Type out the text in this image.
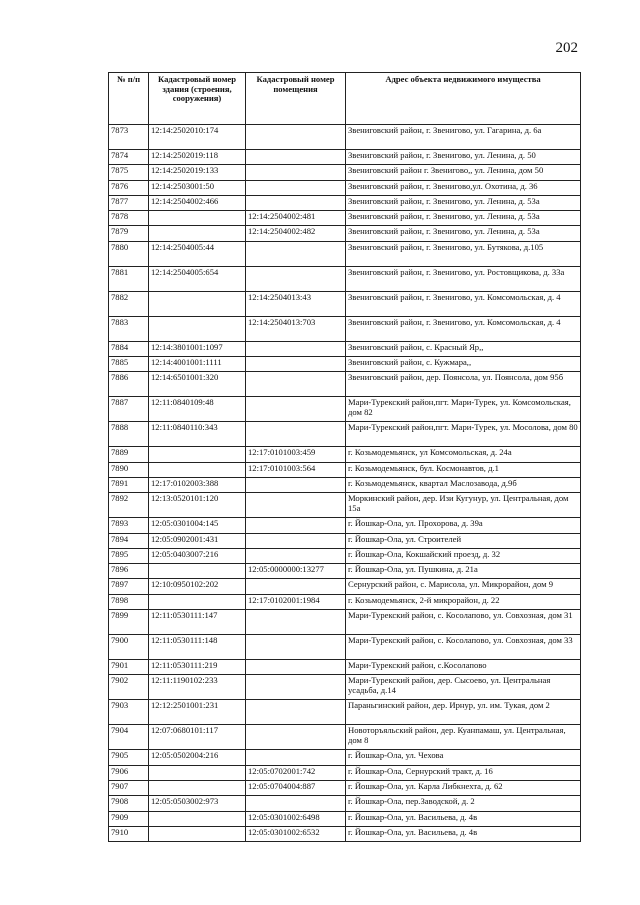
202
№ п/п	Кадастровый номер здания (строения, сооружения)	Кадастровый номер помещения	Адрес объекта недвижимого имущества
7873	12:14:2502010:174		Звениговский район, г. Звенигово, ул. Гагарина, д. 6а
7874	12:14:2502019:118		Звениговский район, г. Звенигово, ул. Ленина, д. 50
7875	12:14:2502019:133		Звениговский район г. Звенигово,, ул. Ленина, дом 50
7876	12:14:2503001:50		Звениговский район, г. Звенигово,ул. Охотина, д. 36
7877	12:14:2504002:466		Звениговский район, г. Звенигово, ул. Ленина, д. 53а
7878		12:14:2504002:481	Звениговский район, г. Звенигово, ул. Ленина, д. 53а
7879		12:14:2504002:482	Звениговский район, г. Звенигово, ул. Ленина, д. 53а
7880	12:14:2504005:44		Звениговский район, г. Звенигово, ул. Бутякова, д.105
7881	12:14:2504005:654		Звениговский район, г. Звенигово, ул. Ростовщикова, д. 33а
7882		12:14:2504013:43	Звениговский район, г. Звенигово, ул. Комсомольская, д. 4
7883		12:14:2504013:703	Звениговский район, г. Звенигово, ул. Комсомольская, д. 4
7884	12:14:3801001:1097		Звениговский район, с. Красный Яр,,
7885	12:14:4001001:1111		Звениговский район, с. Кужмара,,
7886	12:14:6501001:320		Звениговский район, дер. Поянсола, ул. Поянсола, дом 95б
7887	12:11:0840109:48		Мари-Турекский район,пгт. Мари-Турек, ул. Комсомольская, дом 82
7888	12:11:0840110:343		Мари-Турекский район,пгт. Мари-Турек, ул. Мосолова, дом 80
7889		12:17:0101003:459	г. Козьмодемьянск, ул Комсомольская, д. 24а
7890		12:17:0101003:564	г. Козьмодемьянск, бул. Космонавтов, д.1
7891	12:17:0102003:388		г. Козьмодемьянск, квартал Маслозавода, д.9б
7892	12:13:0520101:120		Моркинский район, дер. Изи Кугунур, ул. Центральная, дом 15а
7893	12:05:0301004:145		г. Йошкар-Ола, ул. Прохорова, д. 39а
7894	12:05:0902001:431		г. Йошкар-Ола, ул. Строителей
7895	12:05:0403007:216		г. Йошкар-Ола, Кокшайский проезд, д. 32
7896		12:05:0000000:13277	г. Йошкар-Ола, ул. Пушкина, д. 21а
7897	12:10:0950102:202		Сернурский район, с. Марисола, ул. Микрорайон, дом 9
7898		12:17:0102001:1984	г. Козьмодемьянск, 2-й микрорайон, д. 22
7899	12:11:0530111:147		Мари-Турекский район, с. Косолапово, ул. Совхозная, дом 31
7900	12:11:0530111:148		Мари-Турекский район, с. Косолапово, ул. Совхозная, дом 33
7901	12:11:0530111:219		Мари-Турекский район, с.Косолапово
7902	12:11:1190102:233		Мари-Турекский район, дер. Сысоево, ул. Центральная усадьба, д.14
7903	12:12:2501001:231		Параньгинский район, дер. Ирнур, ул. им. Тукая, дом 2
7904	12:07:0680101:117		Новоторъяльский район, дер. Куанпамаш, ул. Центральная, дом 8
7905	12:05:0502004:216		г. Йошкар-Ола, ул. Чехова
7906		12:05:0702001:742	г. Йошкар-Ола, Сернурский тракт, д. 16
7907		12:05:0704004:887	г. Йошкар-Ола, ул. Карла Либкнехта, д. 62
7908	12:05:0503002:973		г. Йошкар-Ола, пер.Заводской, д. 2
7909		12:05:0301002:6498	г. Йошкар-Ола, ул. Васильева, д. 4в
7910		12:05:0301002:6532	г. Йошкар-Ола, ул. Васильева, д. 4в
